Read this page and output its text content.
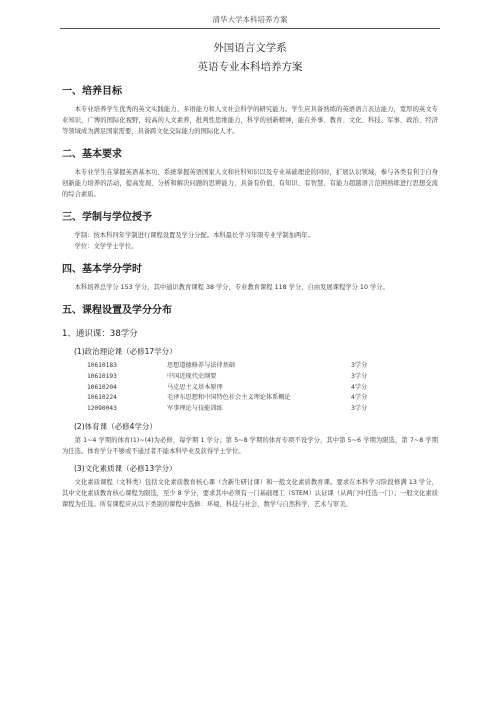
清华大学本科培养方案
外国语言文学系
英语专业本科培养方案
一、培养目标
本专业培养学生优秀的英文实践能力、多语能力和人文社会科学的研究能力。学生应具备熟练的英语语言表达能力，宽厚的英文专业知识，广博的国际化视野，较高的人文素养，批判性思维能力，科学的创新精神，能在外事、教育、文化、科技、军事、政治、经济等领域成为满足国家需要、具备跨文化交际能力的国际化人才。
二、基本要求
本专业学生在掌握英语基本功、系统掌握英语国家人文和社科知识以及专业基础理论的同时，扩展认识领域，参与各类有利于自身创新能力培养的活动，提高发现、分析和解决问题的思辨能力，具备有价值、有知识、有智慧、有能力超越语言范围熟练进行思想交流的综合素质。
三、学制与学位授予
学制：按本科四年学制进行课程设置及学分分配。本科最长学习年限专业学制加两年。
学位：文学学士学位。
四、基本学分学时
本科培养总学分 153 学分，其中通识教育课程 38 学分，专业教育课程 118 学分，自由发展课程学分 10 学分。
五、课程设置及学分分布
1、通识课：38学分
(1)政治理论课（必修17学分）
10610183	思想道德修养与法律基础	3学分
10610193	中国近现代史纲要	3学分
10610204	马克思主义基本原理	4学分
10610224	毛泽东思想和中国特色社会主义理论体系概论	4学分
12090043	军事理论与技能训练	3学分
(2)体育课（必修4学分）
第 1~4 学期的体育(1)~(4)为必修，每学期 1 学分；第 5~8 学期的体育专项不设学分，其中第 5~6 学期为限选，第 7~8 学期为任选。体育学分不够或不通过者不能本科毕业及获得学士学位。
(3)文化素质课（必修13学分）
文化素质课程（文科类）包括文化素质教育核心课（含新生研讨课）和一般文化素质教育课。要求在本科学习阶段修满 13 学分，其中文化素质教育核心课程为限选，至少 8 学分，要求其中必须有一门基础理工（STEM）认证课（从两门中任选一门）；一般文化素质课程为任选。所有课程应从以下类别的课程中选修：环境、科技与社会，数学与自然科学，艺术与审美。
